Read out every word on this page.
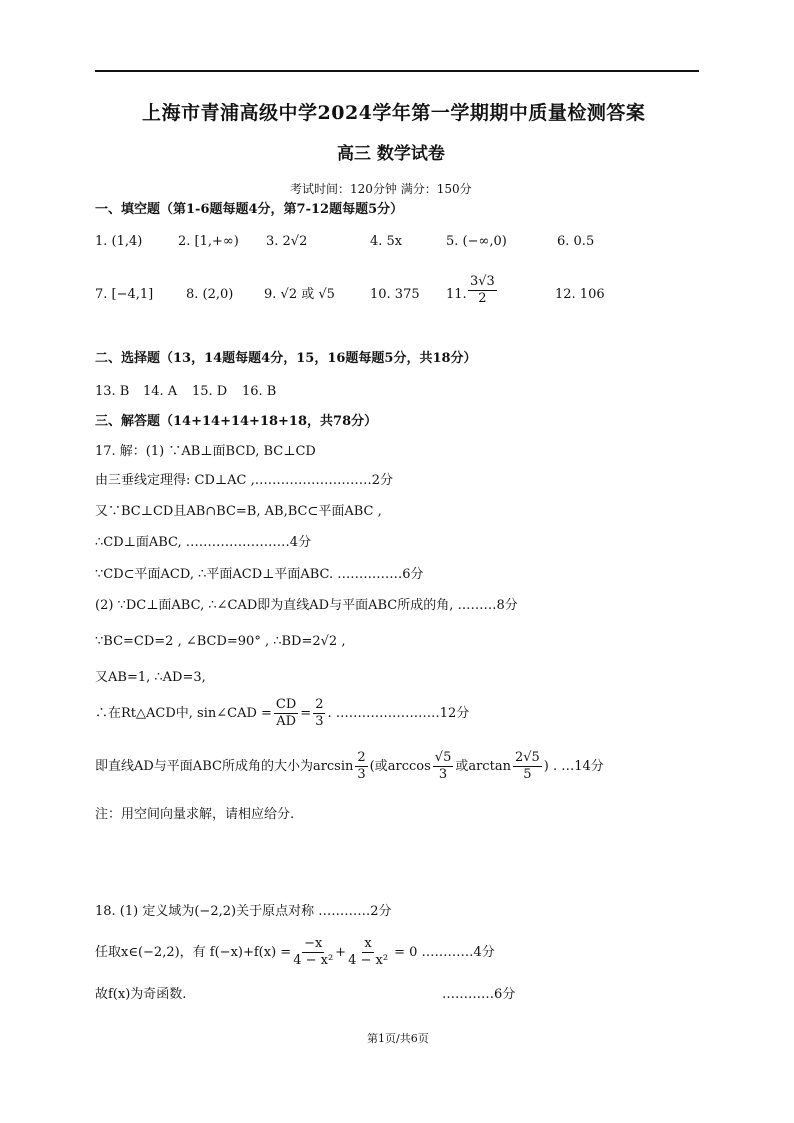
上海市青浦高级中学2024学年第一学期期中质量检测答案
高三 数学试卷
考试时间：120分钟 满分：150分
一、填空题（第1-6题每题4分，第7-12题每题5分）
1. (1,4)	2. [1,+∞) 3. 2√2	4. 5x	5. (−∞,0)	6. 0.5
7. [−4,1]	8. (2,0) 9. √2 或 √5	10. 375 11. $\frac{3√3}{2}$	12. 106
二、选择题（13，14题每题4分，15，16题每题5分，共18分）
13. B 14. A 15. D 16. B
三、解答题（14+14+14+18+18，共78分）
17. 解：(1) ∵AB⊥面BCD, BC⊥CD
由三垂线定理得: CD⊥AC ,………………………2分
又∵BC⊥CD且AB∩BC=B, AB,BC⊂平面ABC ,
∴CD⊥面ABC, ……………………4分
∵CD⊂平面ACD, ∴平面ACD⊥平面ABC. ……………6分
(2) ∵DC⊥面ABC, ∴∠CAD即为直线AD与平面ABC所成的角, ………8分
∵BC=CD=2 , ∠BCD=90° , ∴BD=2√2 ,
又AB=1, ∴AD=3,
∴在Rt△ACD中, sin∠CAD = $\frac{CD}{AD} = \frac{2}{3}$ . ……………………12分
即直线AD与平面ABC所成角的大小为$\arcsin \frac{2}{3}$ (或$\arccos \frac{√5}{3}$ 或$\arctan \frac{2√5}{5}$ ) . …14分
注：用空间向量求解，请相应给分.
18. (1) 定义域为(−2,2)关于原点对称 …………2分
任取x∈(−2,2)，有 $f(-x)+f(x) = \frac{-x}{\text{4 − x²}} + \frac{x}{\text{4 − x²}} = 0$ …………4分
故f(x)为奇函数.	…………6分
第1页/共6页
